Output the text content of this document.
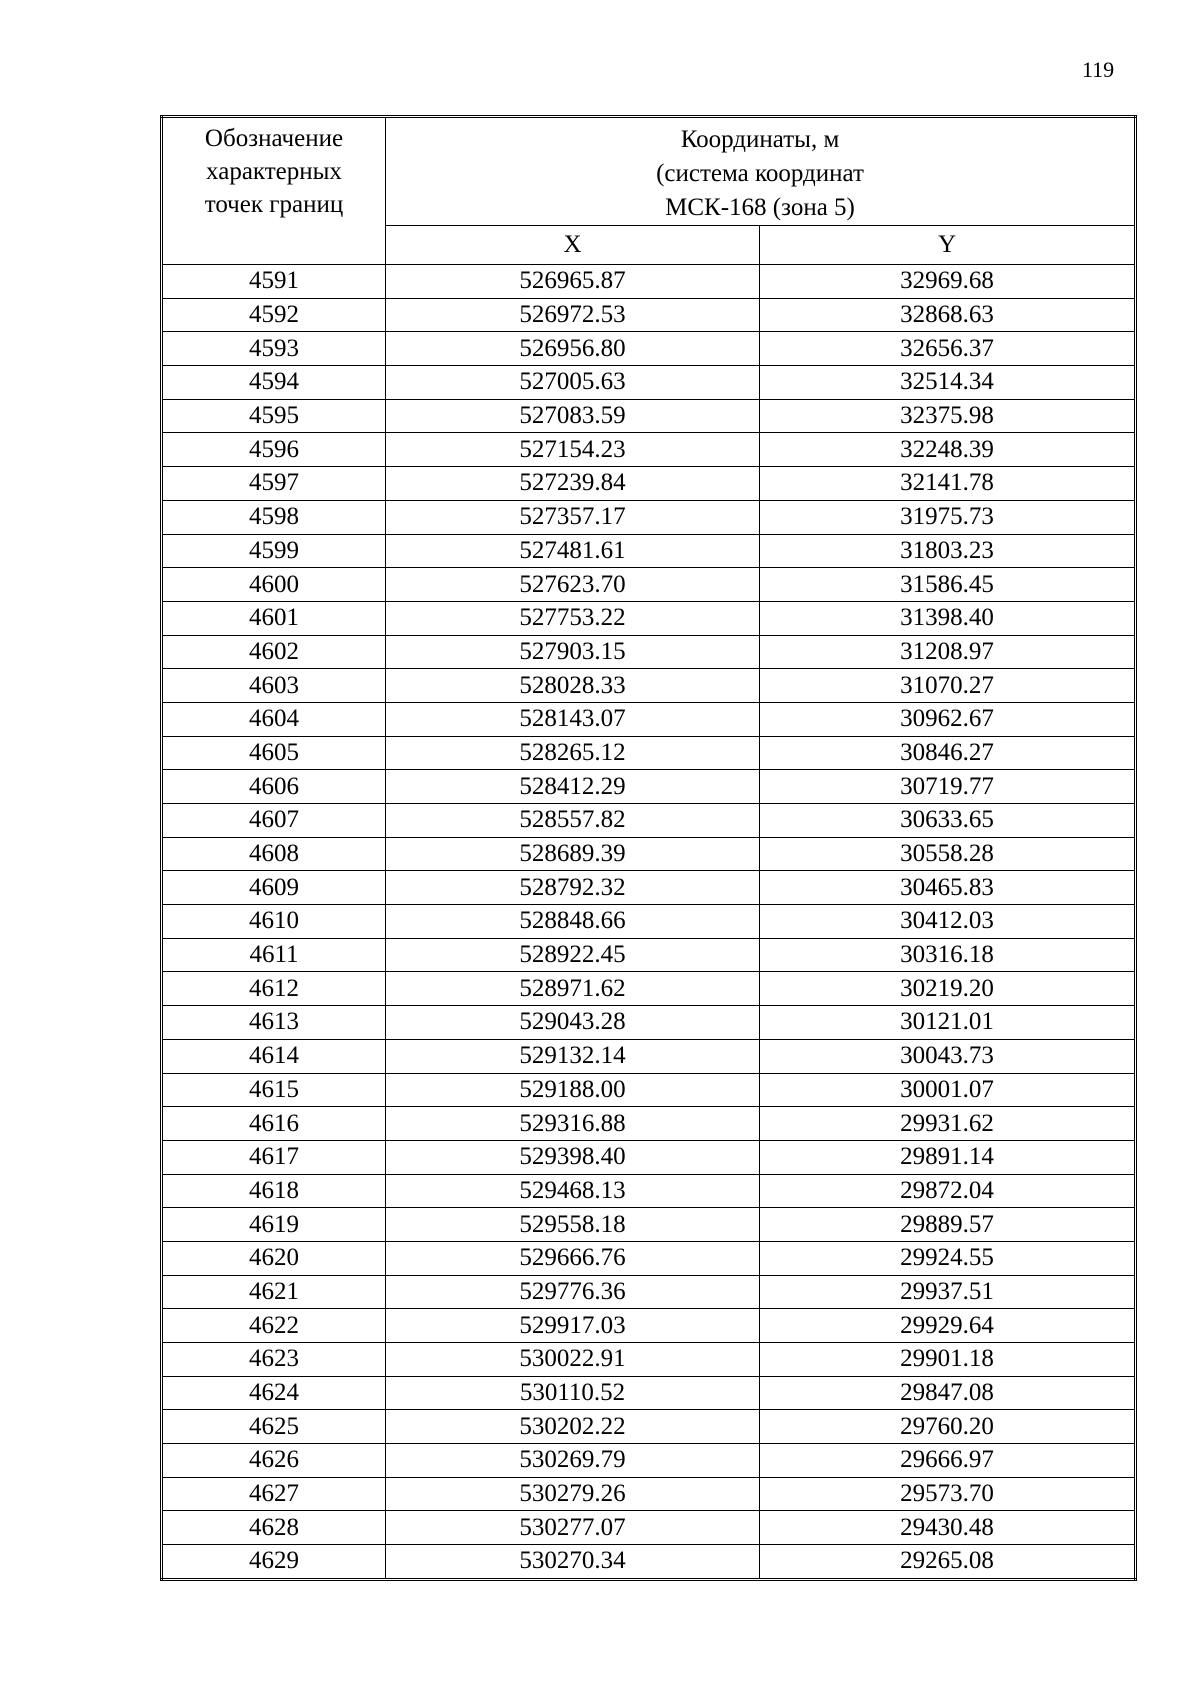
119
Обозначение
характерных
точек границ	Координаты, м
(система координат
МСК-168 (зона 5)	

	X	Y
4591	526965.87	32969.68
4592	526972.53	32868.63
4593	526956.80	32656.37
4594	527005.63	32514.34
4595	527083.59	32375.98
4596	527154.23	32248.39
4597	527239.84	32141.78
4598	527357.17	31975.73
4599	527481.61	31803.23
4600	527623.70	31586.45
4601	527753.22	31398.40
4602	527903.15	31208.97
4603	528028.33	31070.27
4604	528143.07	30962.67
4605	528265.12	30846.27
4606	528412.29	30719.77
4607	528557.82	30633.65
4608	528689.39	30558.28
4609	528792.32	30465.83
4610	528848.66	30412.03
4611	528922.45	30316.18
4612	528971.62	30219.20
4613	529043.28	30121.01
4614	529132.14	30043.73
4615	529188.00	30001.07
4616	529316.88	29931.62
4617	529398.40	29891.14
4618	529468.13	29872.04
4619	529558.18	29889.57
4620	529666.76	29924.55
4621	529776.36	29937.51
4622	529917.03	29929.64
4623	530022.91	29901.18
4624	530110.52	29847.08
4625	530202.22	29760.20
4626	530269.79	29666.97
4627	530279.26	29573.70
4628	530277.07	29430.48
4629	530270.34	29265.08
